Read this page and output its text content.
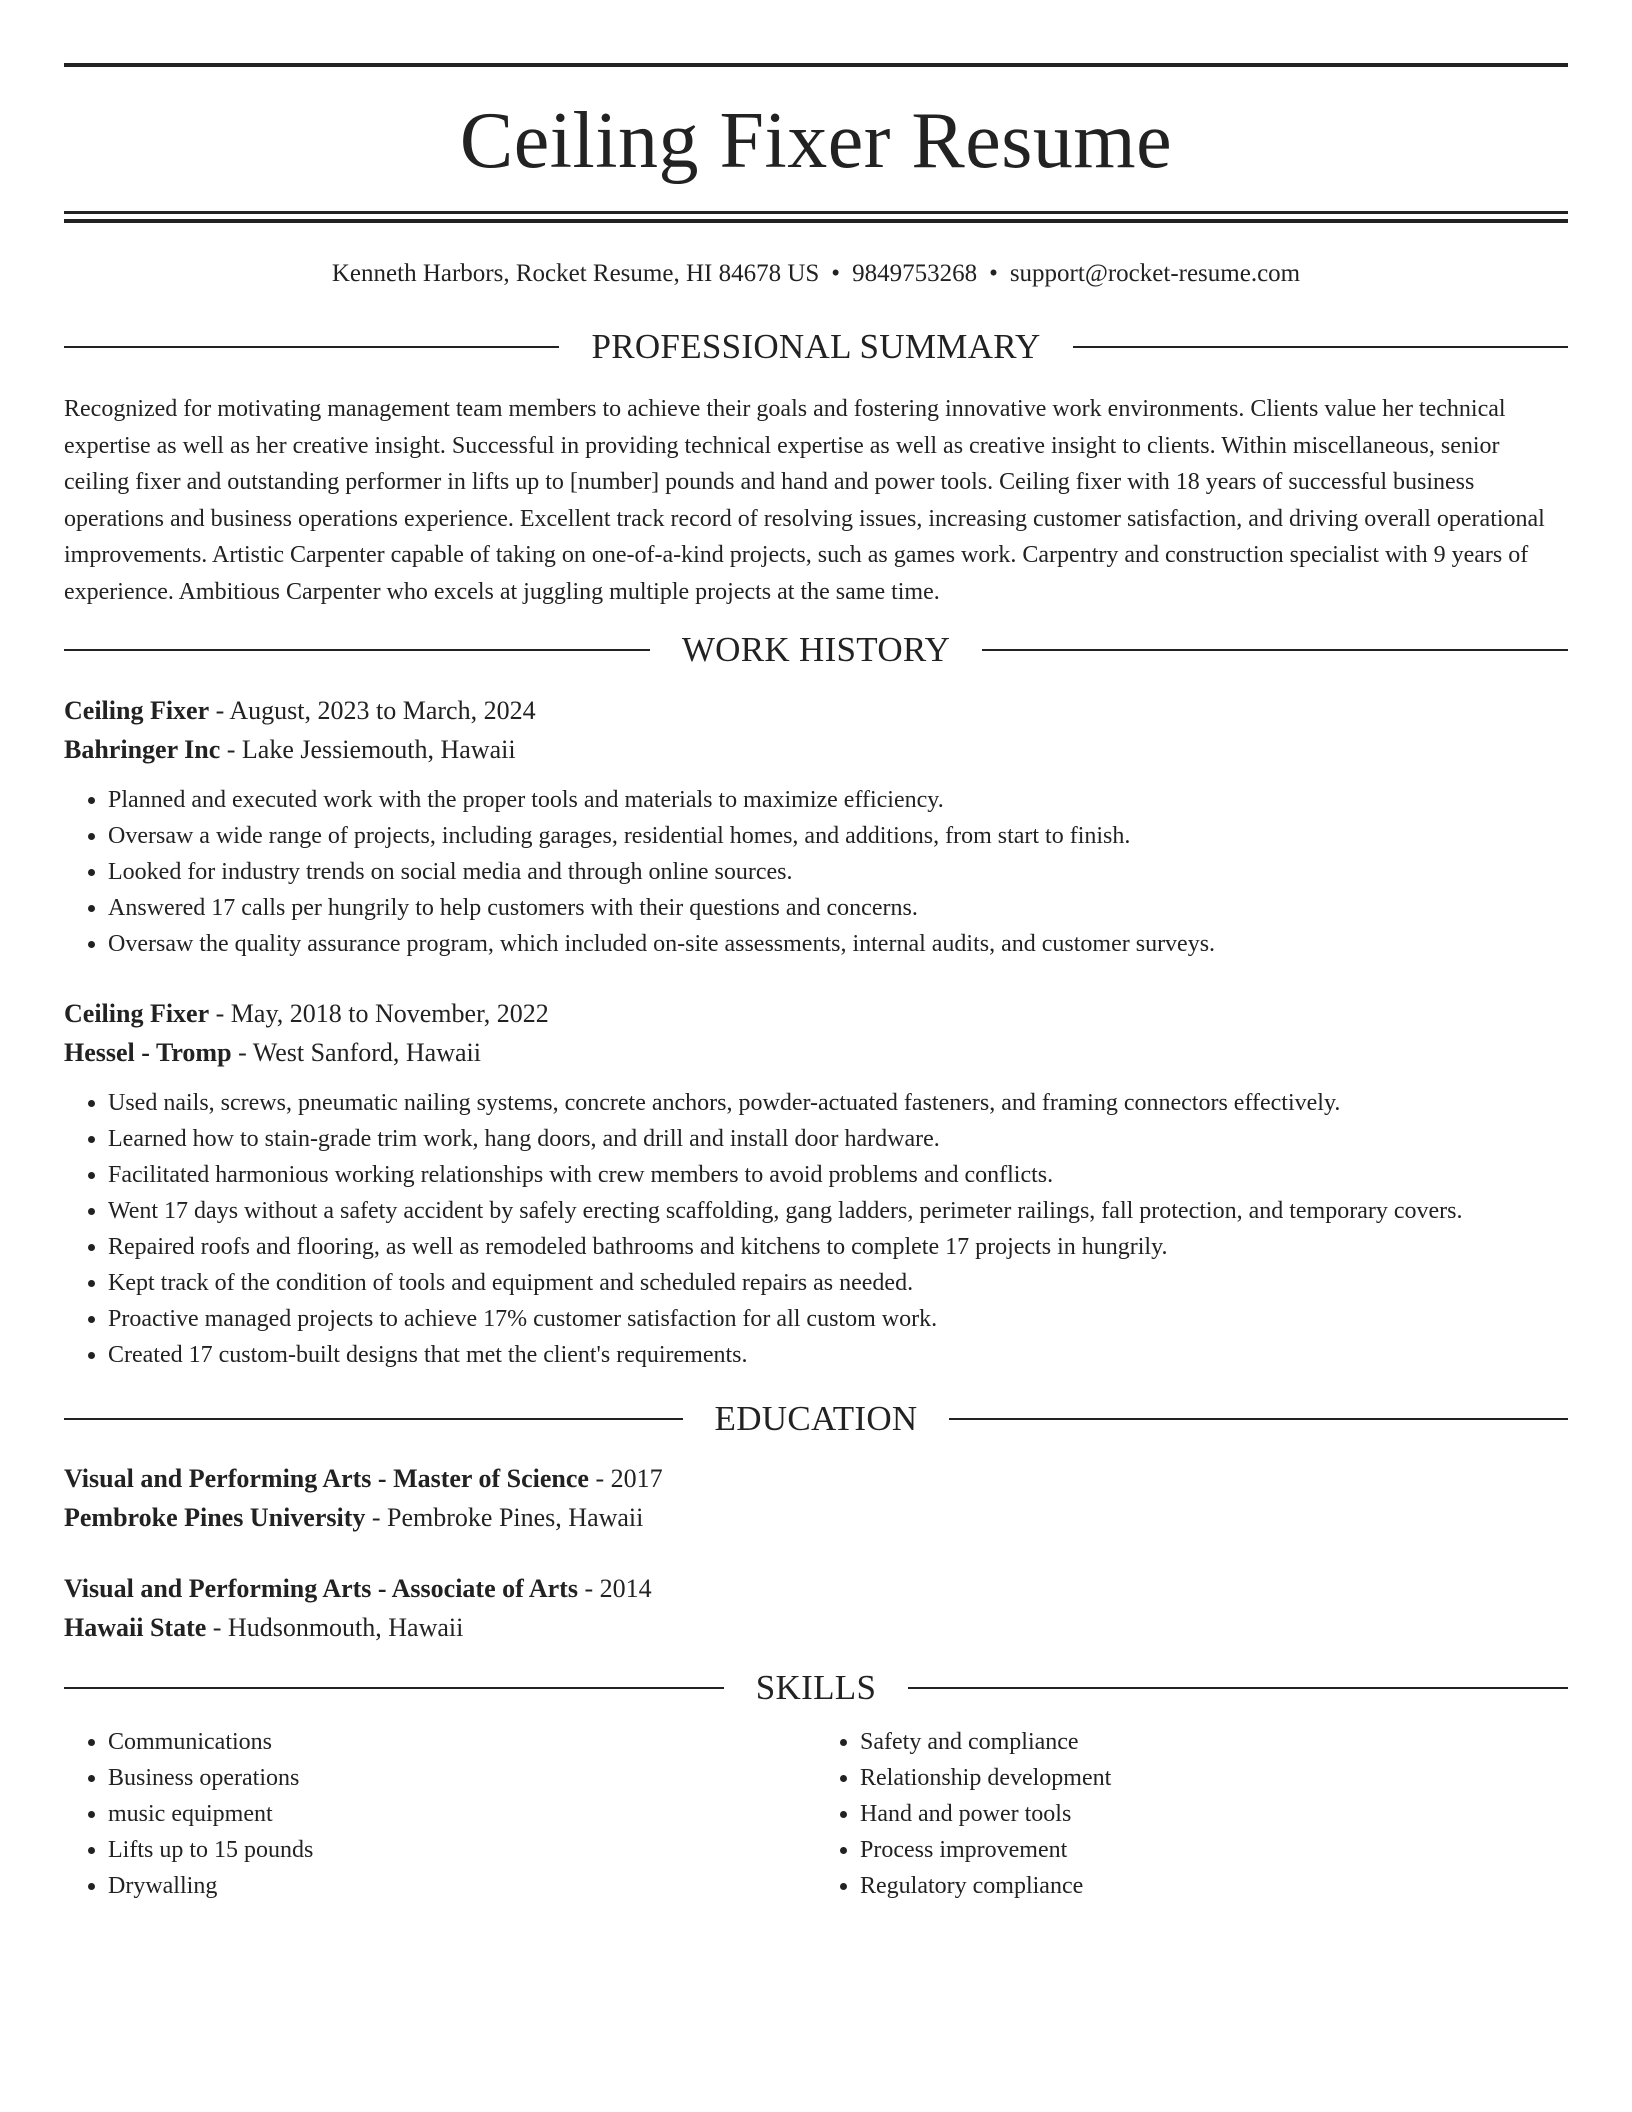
Ceiling Fixer Resume
Kenneth Harbors, Rocket Resume, HI 84678 US • 9849753268 • support@rocket-resume.com
PROFESSIONAL SUMMARY

Recognized for motivating management team members to achieve their goals and fostering innovative work environments. Clients value her technical expertise as well as her creative insight. Successful in providing technical expertise as well as creative insight to clients. Within miscellaneous, senior ceiling fixer and outstanding performer in lifts up to [number] pounds and hand and power tools. Ceiling fixer with 18 years of successful business operations and business operations experience. Excellent track record of resolving issues, increasing customer satisfaction, and driving overall operational improvements. Artistic Carpenter capable of taking on one-of-a-kind projects, such as games work. Carpentry and construction specialist with 9 years of experience. Ambitious Carpenter who excels at juggling multiple projects at the same time.

WORK HISTORY
Ceiling Fixer - August, 2023 to March, 2024
Bahringer Inc - Lake Jessiemouth, Hawaii
• Planned and executed work with the proper tools and materials to maximize efficiency.
• Oversaw a wide range of projects, including garages, residential homes, and additions, from start to finish.
• Looked for industry trends on social media and through online sources.
• Answered 17 calls per hungrily to help customers with their questions and concerns.
• Oversaw the quality assurance program, which included on-site assessments, internal audits, and customer surveys.
Ceiling Fixer - May, 2018 to November, 2022
Hessel - Tromp - West Sanford, Hawaii
• Used nails, screws, pneumatic nailing systems, concrete anchors, powder-actuated fasteners, and framing connectors effectively.
• Learned how to stain-grade trim work, hang doors, and drill and install door hardware.
• Facilitated harmonious working relationships with crew members to avoid problems and conflicts.
• Went 17 days without a safety accident by safely erecting scaffolding, gang ladders, perimeter railings, fall protection, and temporary covers.
• Repaired roofs and flooring, as well as remodeled bathrooms and kitchens to complete 17 projects in hungrily.
• Kept track of the condition of tools and equipment and scheduled repairs as needed.
• Proactive managed projects to achieve 17% customer satisfaction for all custom work.
• Created 17 custom-built designs that met the client's requirements.
EDUCATION
Visual and Performing Arts - Master of Science - 2017
Pembroke Pines University - Pembroke Pines, Hawaii
Visual and Performing Arts - Associate of Arts - 2014
Hawaii State - Hudsonmouth, Hawaii
SKILLS
• Communications
• Business operations
• music equipment
• Lifts up to 15 pounds
• Drywalling
• Safety and compliance
• Relationship development
• Hand and power tools
• Process improvement
• Regulatory compliance
